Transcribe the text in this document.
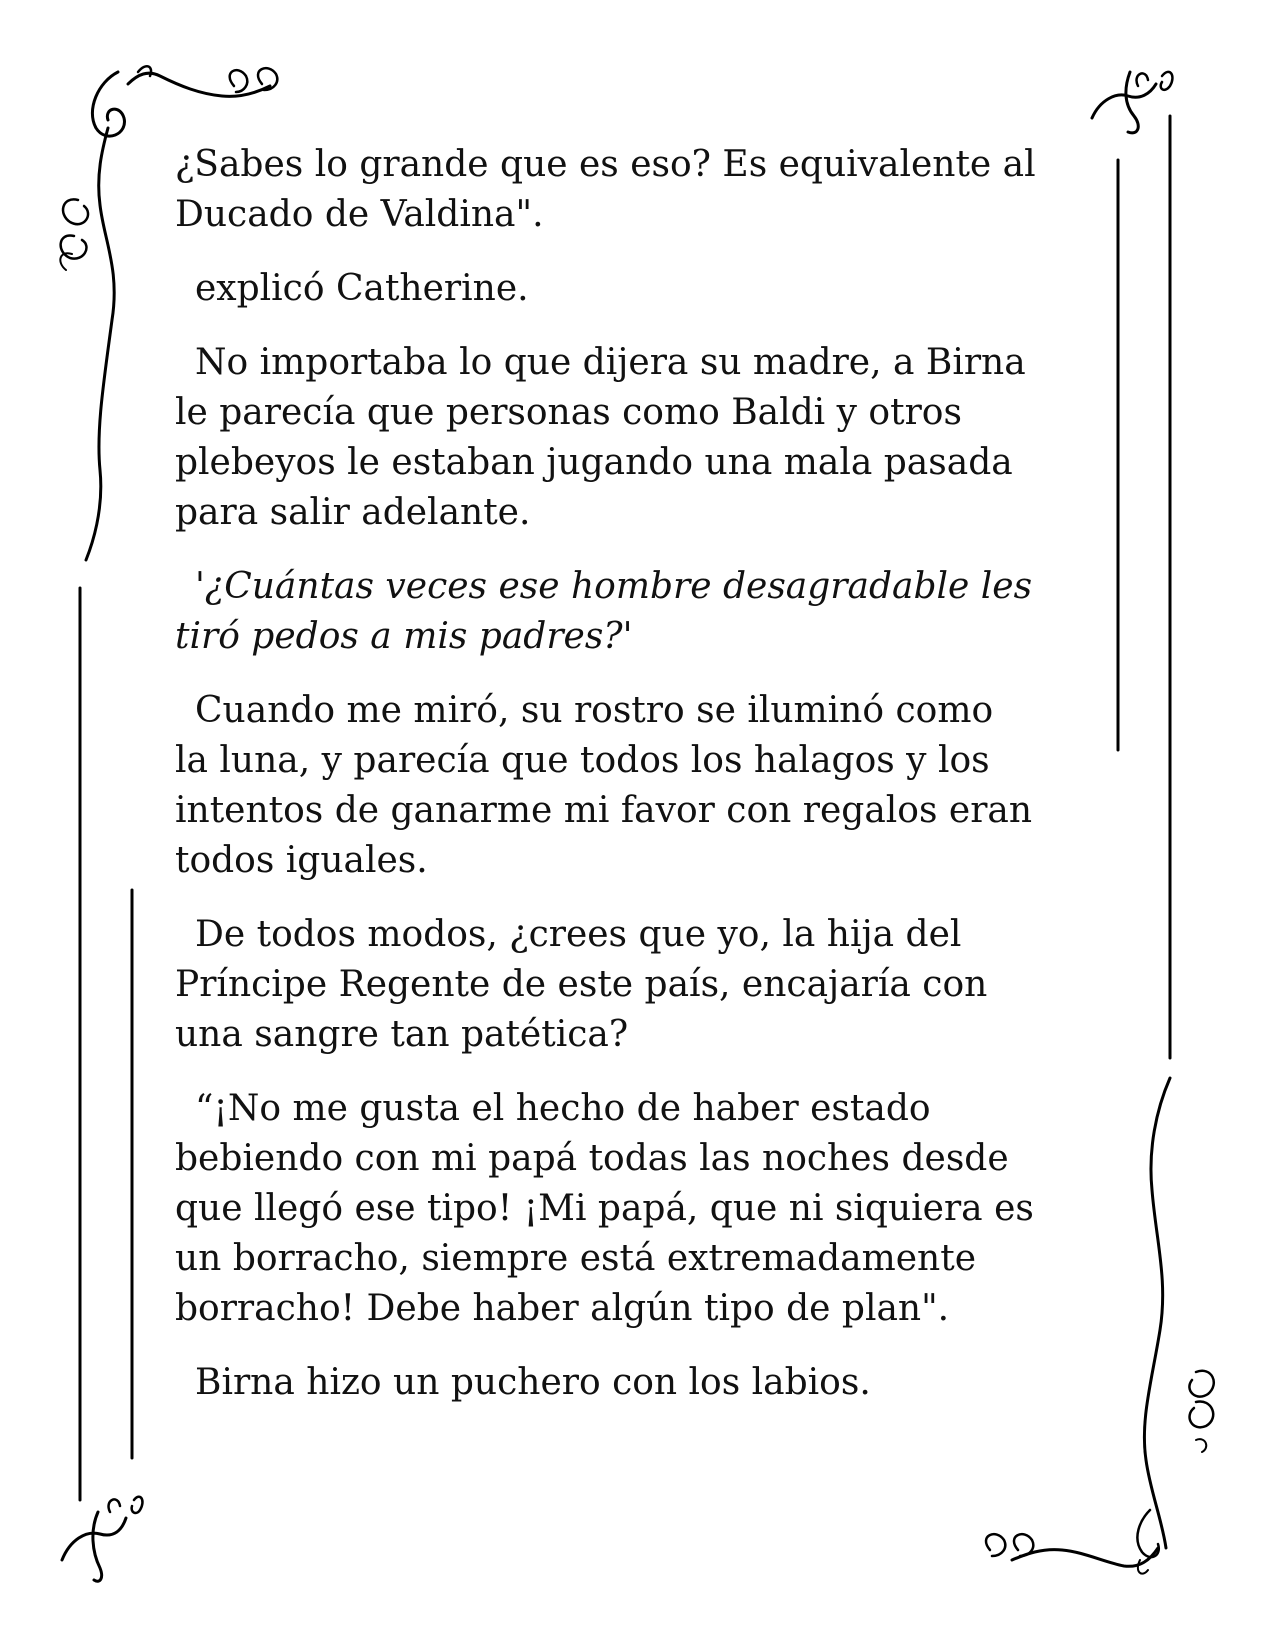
¿Sabes lo grande que es eso? Es equivalente al
Ducado de Valdina".

explicó Catherine.

No importaba lo que dijera su madre, a Birna
le parecía que personas como Baldi y otros
plebeyos le estaban jugando una mala pasada
para salir adelante.

'¿Cuántas veces ese hombre desagradable les
tiró pedos a mis padres?'

Cuando me miró, su rostro se iluminó como
la luna, y parecía que todos los halagos y los
intentos de ganarme mi favor con regalos eran
todos iguales.

De todos modos, ¿crees que yo, la hija del
Príncipe Regente de este país, encajaría con
una sangre tan patética?

“¡No me gusta el hecho de haber estado
bebiendo con mi papá todas las noches desde
que llegó ese tipo! ¡Mi papá, que ni siquiera es
un borracho, siempre está extremadamente
borracho! Debe haber algún tipo de plan".

Birna hizo un puchero con los labios.
